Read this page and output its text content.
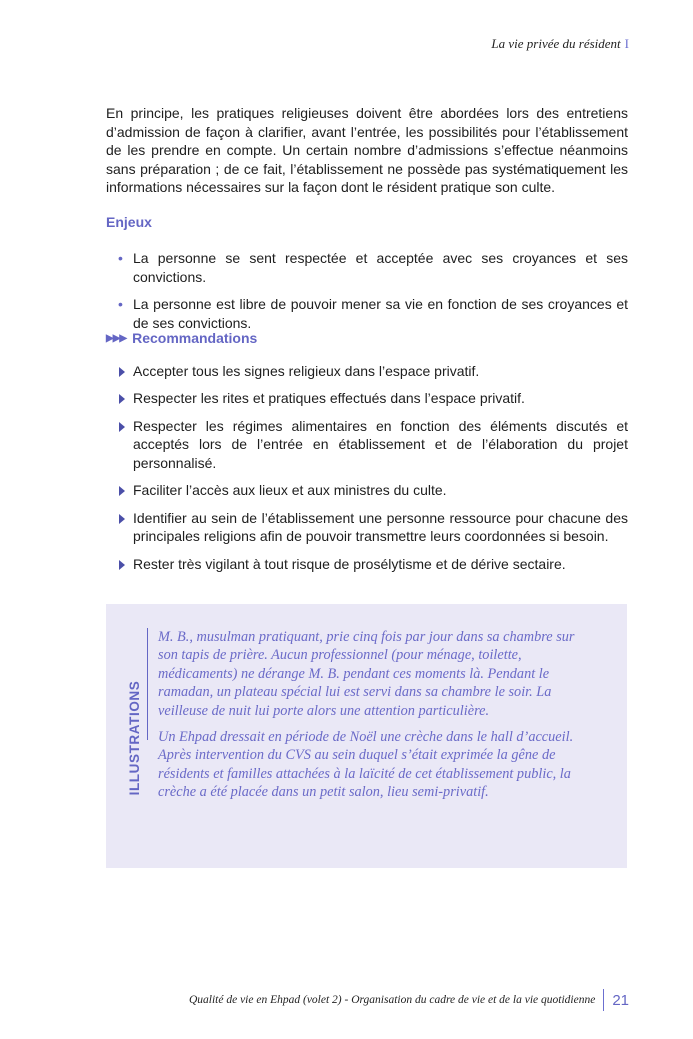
La vie privée du résident I

En principe, les pratiques religieuses doivent être abordées lors des entretiens d’admission de façon à clarifier, avant l’entrée, les possibilités pour l’établissement de les prendre en compte. Un certain nombre d’admissions s’effectue néanmoins sans préparation ; de ce fait, l’établissement ne possède pas systématiquement les informations nécessaires sur la façon dont le résident pratique son culte.

Enjeux
• La personne se sent respectée et acceptée avec ses croyances et ses convictions.
• La personne est libre de pouvoir mener sa vie en fonction de ses croyances et de ses convictions.
▶▶▶ Recommandations
Accepter tous les signes religieux dans l’espace privatif.
Respecter les rites et pratiques effectués dans l’espace privatif.
Respecter les régimes alimentaires en fonction des éléments discutés et acceptés lors de l’entrée en établissement et de l’élaboration du projet personnalisé.
Faciliter l’accès aux lieux et aux ministres du culte.
Identifier au sein de l’établissement une personne ressource pour chacune des principales religions afin de pouvoir transmettre leurs coordonnées si besoin.
Rester très vigilant à tout risque de prosélytisme et de dérive sectaire.
ILLUSTRATIONS

M. B., musulman pratiquant, prie cinq fois par jour dans sa chambre sur son tapis de prière. Aucun professionnel (pour ménage, toilette, médicaments) ne dérange M. B. pendant ces moments là. Pendant le ramadan, un plateau spécial lui est servi dans sa chambre le soir. La veilleuse de nuit lui porte alors une attention particulière.

Un Ehpad dressait en période de Noël une crèche dans le hall d’accueil. Après intervention du CVS au sein duquel s’était exprimée la gêne de résidents et familles attachées à la laïcité de cet établissement public, la crèche a été placée dans un petit salon, lieu semi-privatif.

Qualité de vie en Ehpad (volet 2) - Organisation du cadre de vie et de la vie quotidienne 21
